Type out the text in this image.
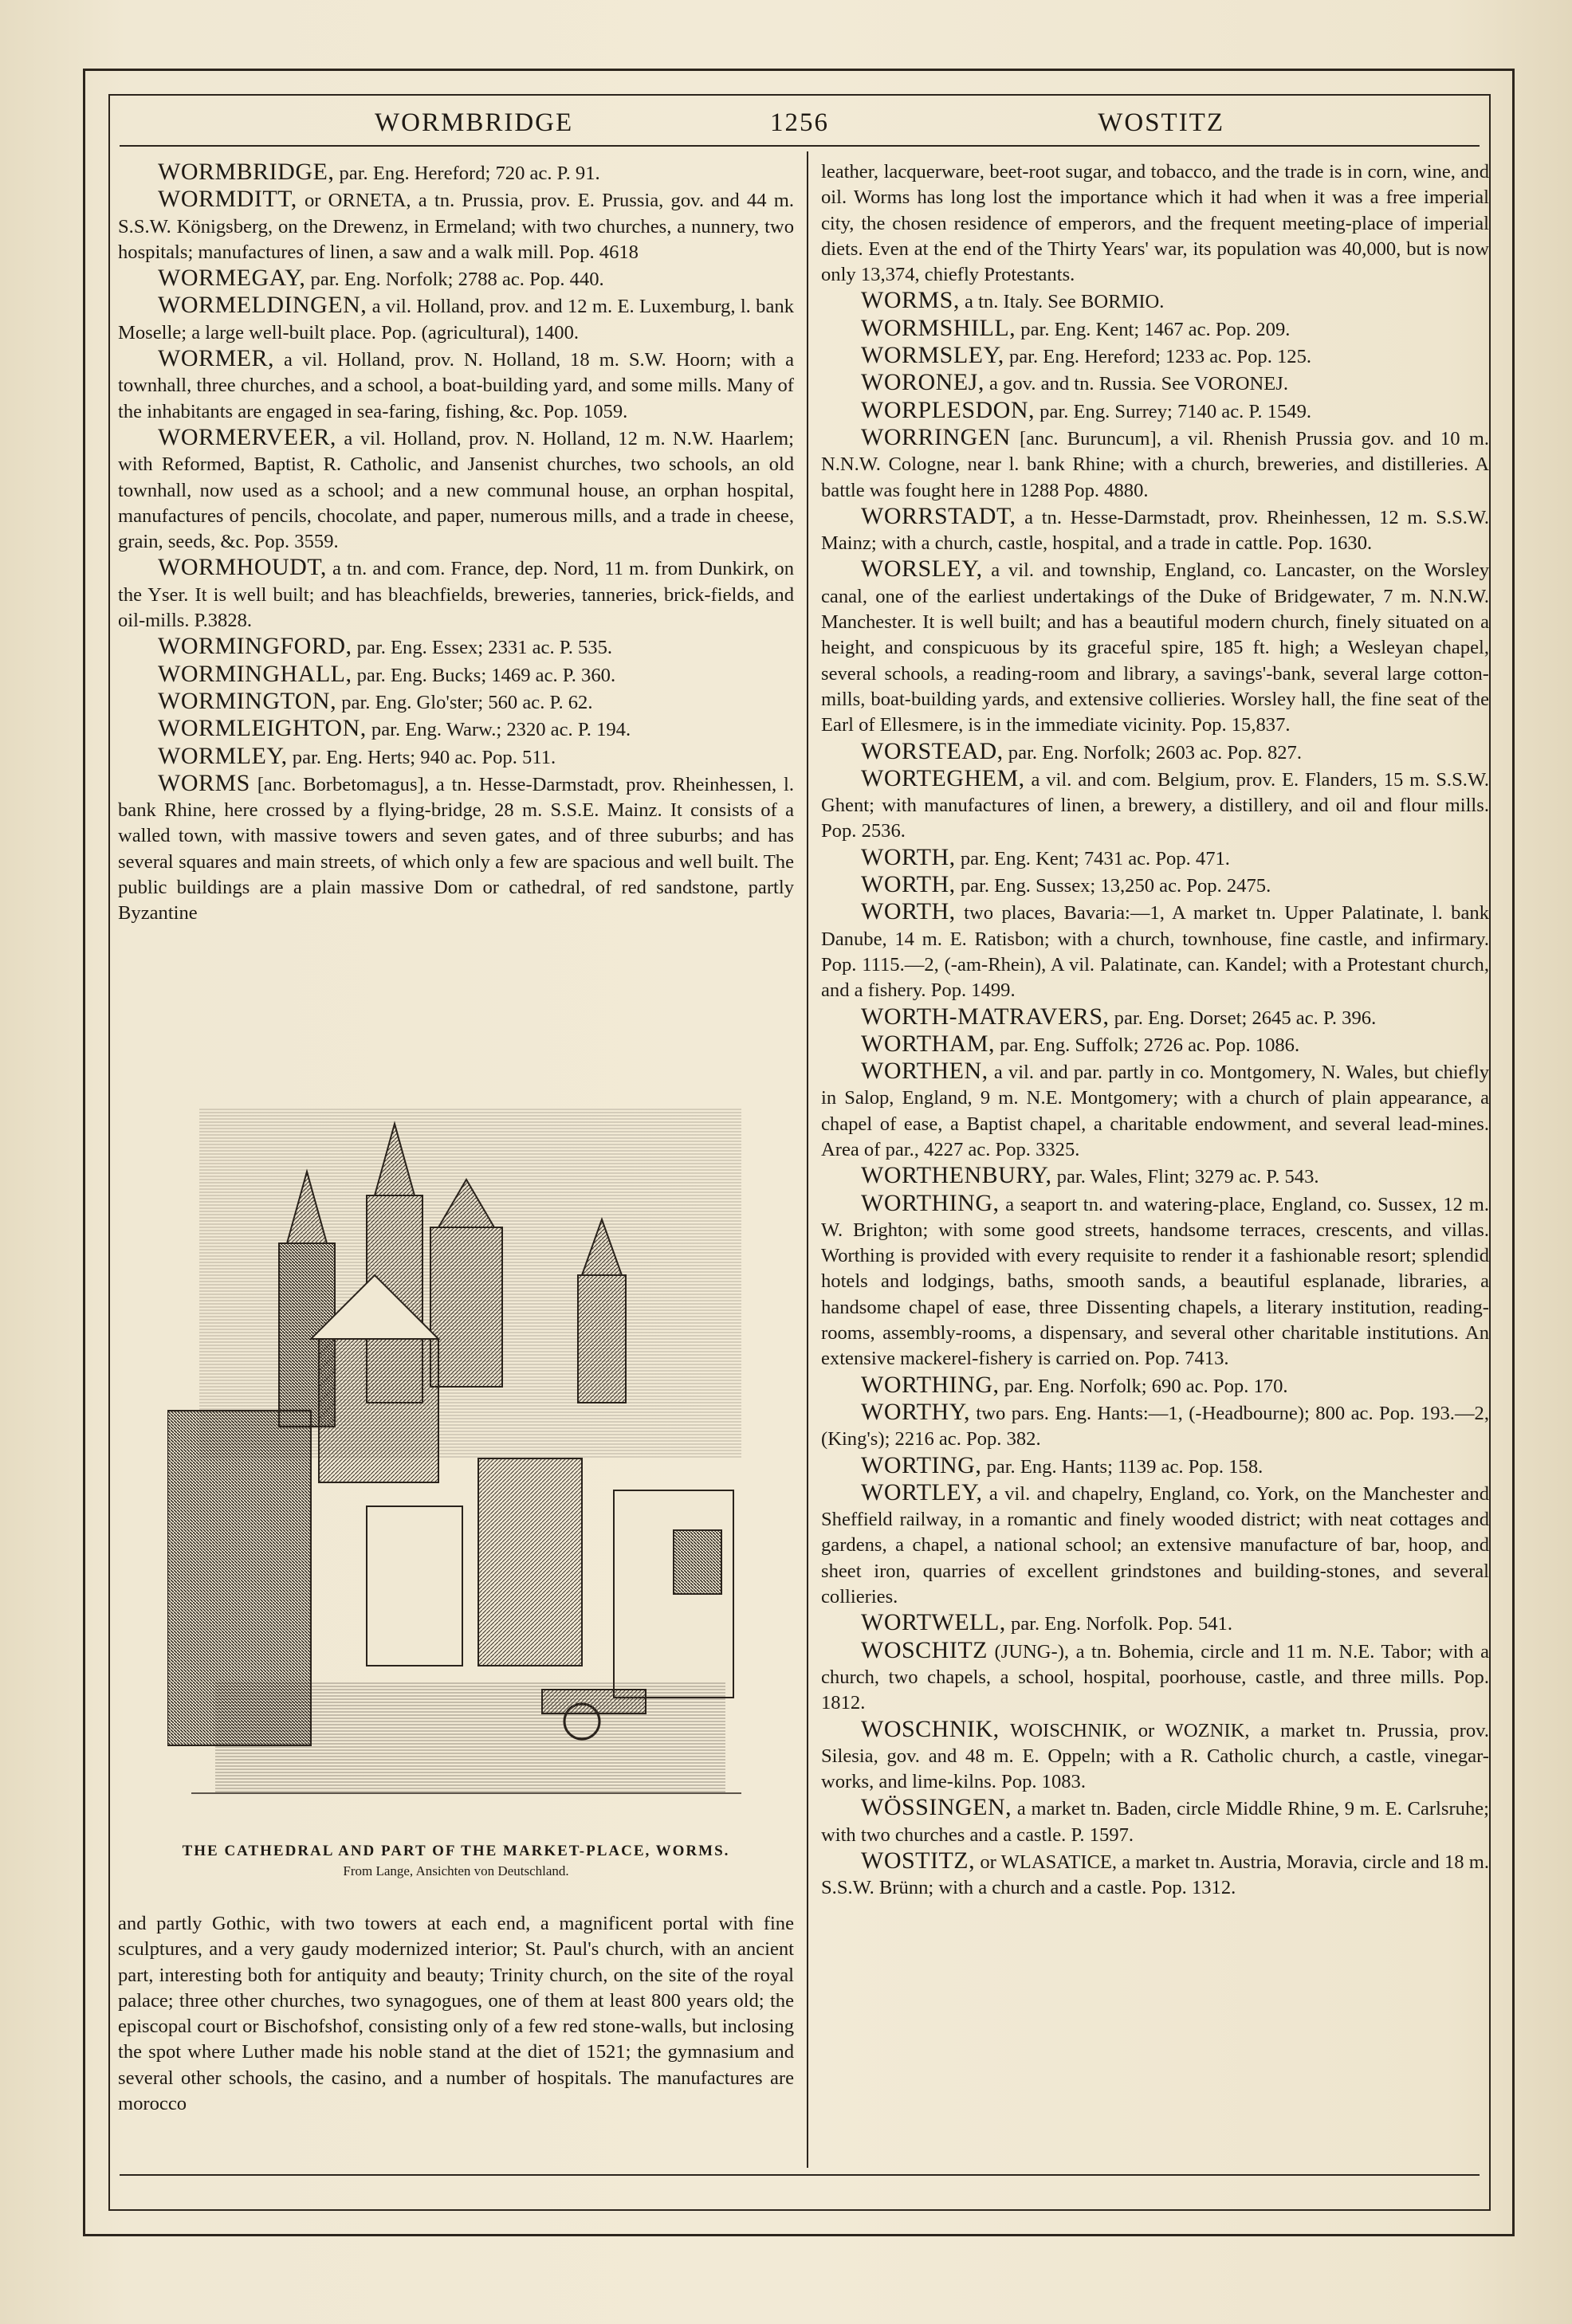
WORMBRIDGE	1256	WOSTITZ

WORMBRIDGE, par. Eng. Hereford; 720 ac. P. 91.

WORMDITT, or ORNETA, a tn. Prussia, prov. E. Prussia, gov. and 44 m. S.S.W. Königsberg, on the Drewenz, in Ermeland; with two churches, a nunnery, two hospitals; manufactures of linen, a saw and a walk mill. Pop. 4618

WORMEGAY, par. Eng. Norfolk; 2788 ac. Pop. 440.

WORMELDINGEN, a vil. Holland, prov. and 12 m. E. Luxemburg, l. bank Moselle; a large well-built place. Pop. (agricultural), 1400.

WORMER, a vil. Holland, prov. N. Holland, 18 m. S.W. Hoorn; with a townhall, three churches, and a school, a boat-building yard, and some mills. Many of the inhabitants are engaged in sea-faring, fishing, &c. Pop. 1059.

WORMERVEER, a vil. Holland, prov. N. Holland, 12 m. N.W. Haarlem; with Reformed, Baptist, R. Catholic, and Jansenist churches, two schools, an old townhall, now used as a school; and a new communal house, an orphan hospital, manufactures of pencils, chocolate, and paper, numerous mills, and a trade in cheese, grain, seeds, &c. Pop. 3559.

WORMHOUDT, a tn. and com. France, dep. Nord, 11 m. from Dunkirk, on the Yser. It is well built; and has bleachfields, breweries, tanneries, brick-fields, and oil-mills. P.3828.

WORMINGFORD, par. Eng. Essex; 2331 ac. P. 535.

WORMINGHALL, par. Eng. Bucks; 1469 ac. P. 360.

WORMINGTON, par. Eng. Glo'ster; 560 ac. P. 62.

WORMLEIGHTON, par. Eng. Warw.; 2320 ac. P. 194.

WORMLEY, par. Eng. Herts; 940 ac. Pop. 511.

WORMS [anc. Borbetomagus], a tn. Hesse-Darmstadt, prov. Rheinhessen, l. bank Rhine, here crossed by a flying-bridge, 28 m. S.S.E. Mainz. It consists of a walled town, with massive towers and seven gates, and of three suburbs; and has several squares and main streets, of which only a few are spacious and well built. The public buildings are a plain massive Dom or cathedral, of red sandstone, partly Byzantine

THE CATHEDRAL AND PART OF THE MARKET-PLACE, WORMS.
From Lange, Ansichten von Deutschland.

and partly Gothic, with two towers at each end, a magnificent portal with fine sculptures, and a very gaudy modernized interior; St. Paul's church, with an ancient part, interesting both for antiquity and beauty; Trinity church, on the site of the royal palace; three other churches, two synagogues, one of them at least 800 years old; the episcopal court or Bischofshof, consisting only of a few red stone-walls, but inclosing the spot where Luther made his noble stand at the diet of 1521; the gymnasium and several other schools, the casino, and a number of hospitals. The manufactures are morocco

leather, lacquerware, beet-root sugar, and tobacco, and the trade is in corn, wine, and oil. Worms has long lost the importance which it had when it was a free imperial city, the chosen residence of emperors, and the frequent meeting-place of imperial diets. Even at the end of the Thirty Years' war, its population was 40,000, but is now only 13,374, chiefly Protestants.

WORMS, a tn. Italy. See BORMIO.

WORMSHILL, par. Eng. Kent; 1467 ac. Pop. 209.

WORMSLEY, par. Eng. Hereford; 1233 ac. Pop. 125.

WORONEJ, a gov. and tn. Russia. See VORONEJ.

WORPLESDON, par. Eng. Surrey; 7140 ac. P. 1549.

WORRINGEN [anc. Buruncum], a vil. Rhenish Prussia gov. and 10 m. N.N.W. Cologne, near l. bank Rhine; with a church, breweries, and distilleries. A battle was fought here in 1288 Pop. 4880.

WORRSTADT, a tn. Hesse-Darmstadt, prov. Rheinhessen, 12 m. S.S.W. Mainz; with a church, castle, hospital, and a trade in cattle. Pop. 1630.

WORSLEY, a vil. and township, England, co. Lancaster, on the Worsley canal, one of the earliest undertakings of the Duke of Bridgewater, 7 m. N.N.W. Manchester. It is well built; and has a beautiful modern church, finely situated on a height, and conspicuous by its graceful spire, 185 ft. high; a Wesleyan chapel, several schools, a reading-room and library, a savings'-bank, several large cotton-mills, boat-building yards, and extensive collieries. Worsley hall, the fine seat of the Earl of Ellesmere, is in the immediate vicinity. Pop. 15,837.

WORSTEAD, par. Eng. Norfolk; 2603 ac. Pop. 827.

WORTEGHEM, a vil. and com. Belgium, prov. E. Flanders, 15 m. S.S.W. Ghent; with manufactures of linen, a brewery, a distillery, and oil and flour mills. Pop. 2536.

WORTH, par. Eng. Kent; 7431 ac. Pop. 471.

WORTH, par. Eng. Sussex; 13,250 ac. Pop. 2475.

WORTH, two places, Bavaria:—1, A market tn. Upper Palatinate, l. bank Danube, 14 m. E. Ratisbon; with a church, townhouse, fine castle, and infirmary. Pop. 1115.—2, (-am-Rhein), A vil. Palatinate, can. Kandel; with a Protestant church, and a fishery. Pop. 1499.

WORTH-MATRAVERS, par. Eng. Dorset; 2645 ac. P. 396.

WORTHAM, par. Eng. Suffolk; 2726 ac. Pop. 1086.

WORTHEN, a vil. and par. partly in co. Montgomery, N. Wales, but chiefly in Salop, England, 9 m. N.E. Montgomery; with a church of plain appearance, a chapel of ease, a Baptist chapel, a charitable endowment, and several lead-mines. Area of par., 4227 ac. Pop. 3325.

WORTHENBURY, par. Wales, Flint; 3279 ac. P. 543.

WORTHING, a seaport tn. and watering-place, England, co. Sussex, 12 m. W. Brighton; with some good streets, handsome terraces, crescents, and villas. Worthing is provided with every requisite to render it a fashionable resort; splendid hotels and lodgings, baths, smooth sands, a beautiful esplanade, libraries, a handsome chapel of ease, three Dissenting chapels, a literary institution, reading-rooms, assembly-rooms, a dispensary, and several other charitable institutions. An extensive mackerel-fishery is carried on. Pop. 7413.

WORTHING, par. Eng. Norfolk; 690 ac. Pop. 170.

WORTHY, two pars. Eng. Hants:—1, (-Headbourne); 800 ac. Pop. 193.—2, (King's); 2216 ac. Pop. 382.

WORTING, par. Eng. Hants; 1139 ac. Pop. 158.

WORTLEY, a vil. and chapelry, England, co. York, on the Manchester and Sheffield railway, in a romantic and finely wooded district; with neat cottages and gardens, a chapel, a national school; an extensive manufacture of bar, hoop, and sheet iron, quarries of excellent grindstones and building-stones, and several collieries.

WORTWELL, par. Eng. Norfolk. Pop. 541.

WOSCHITZ (JUNG-), a tn. Bohemia, circle and 11 m. N.E. Tabor; with a church, two chapels, a school, hospital, poorhouse, castle, and three mills. Pop. 1812.

WOSCHNIK, WOISCHNIK, or WOZNIK, a market tn. Prussia, prov. Silesia, gov. and 48 m. E. Oppeln; with a R. Catholic church, a castle, vinegar-works, and lime-kilns. Pop. 1083.

WÖSSINGEN, a market tn. Baden, circle Middle Rhine, 9 m. E. Carlsruhe; with two churches and a castle. P. 1597.

WOSTITZ, or WLASATICE, a market tn. Austria, Moravia, circle and 18 m. S.S.W. Brünn; with a church and a castle. Pop. 1312.
